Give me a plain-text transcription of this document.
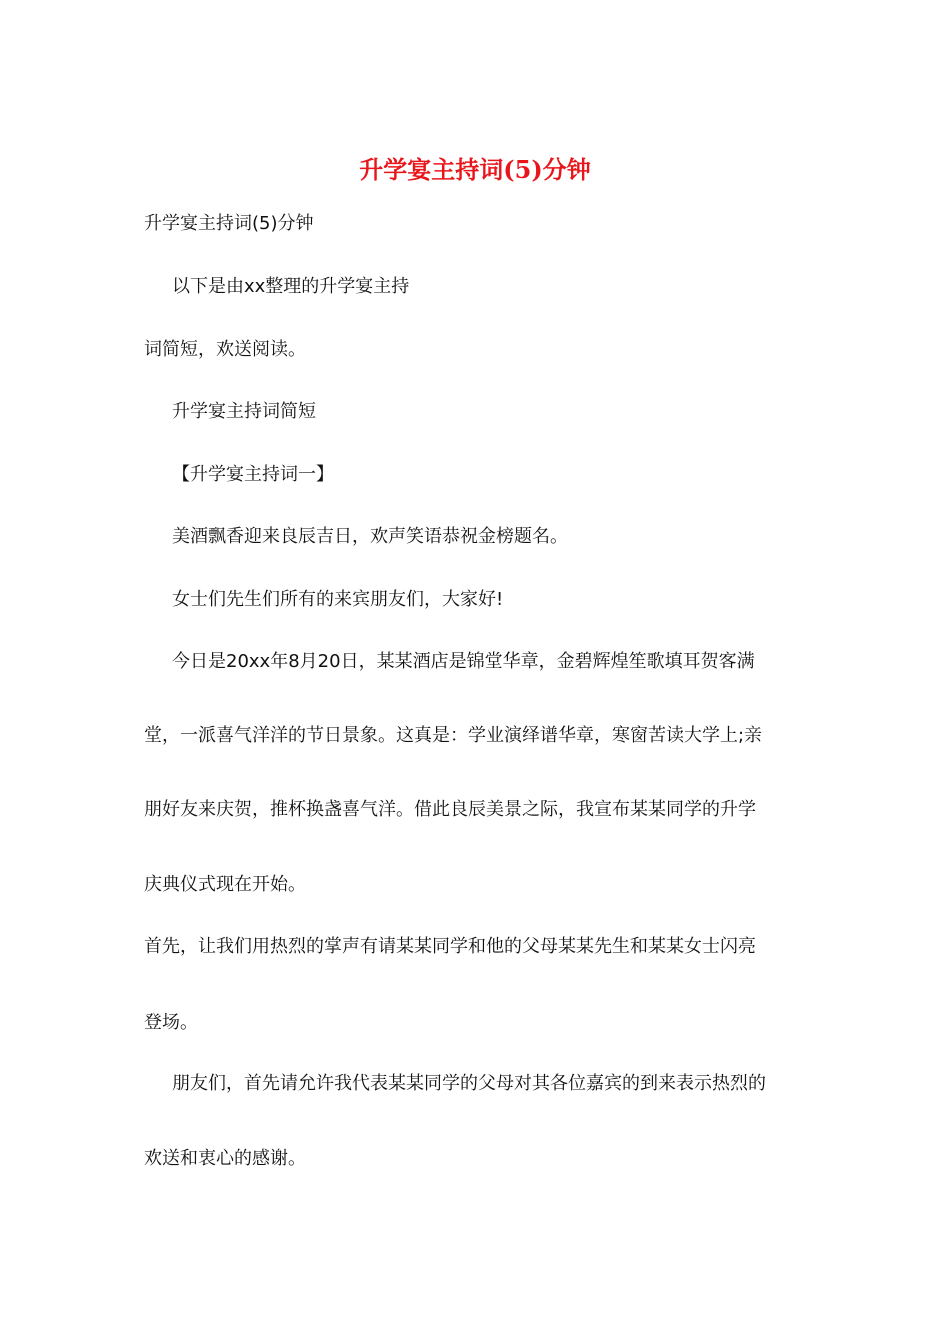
升学宴主持词(5)分钟

升学宴主持词(5)分钟

以下是由xx整理的升学宴主持

词简短，欢送阅读。

升学宴主持词简短

【升学宴主持词一】

美酒飘香迎来良辰吉日，欢声笑语恭祝金榜题名。

女士们先生们所有的来宾朋友们，大家好!

今日是20xx年8月20日，某某酒店是锦堂华章，金碧辉煌笙歌填耳贺客满

堂，一派喜气洋洋的节日景象。这真是：学业演绎谱华章，寒窗苦读大学上;亲

朋好友来庆贺，推杯换盏喜气洋。借此良辰美景之际，我宣布某某同学的升学

庆典仪式现在开始。

首先，让我们用热烈的掌声有请某某同学和他的父母某某先生和某某女士闪亮

登场。

朋友们，首先请允许我代表某某同学的父母对其各位嘉宾的到来表示热烈的

欢送和衷心的感谢。
